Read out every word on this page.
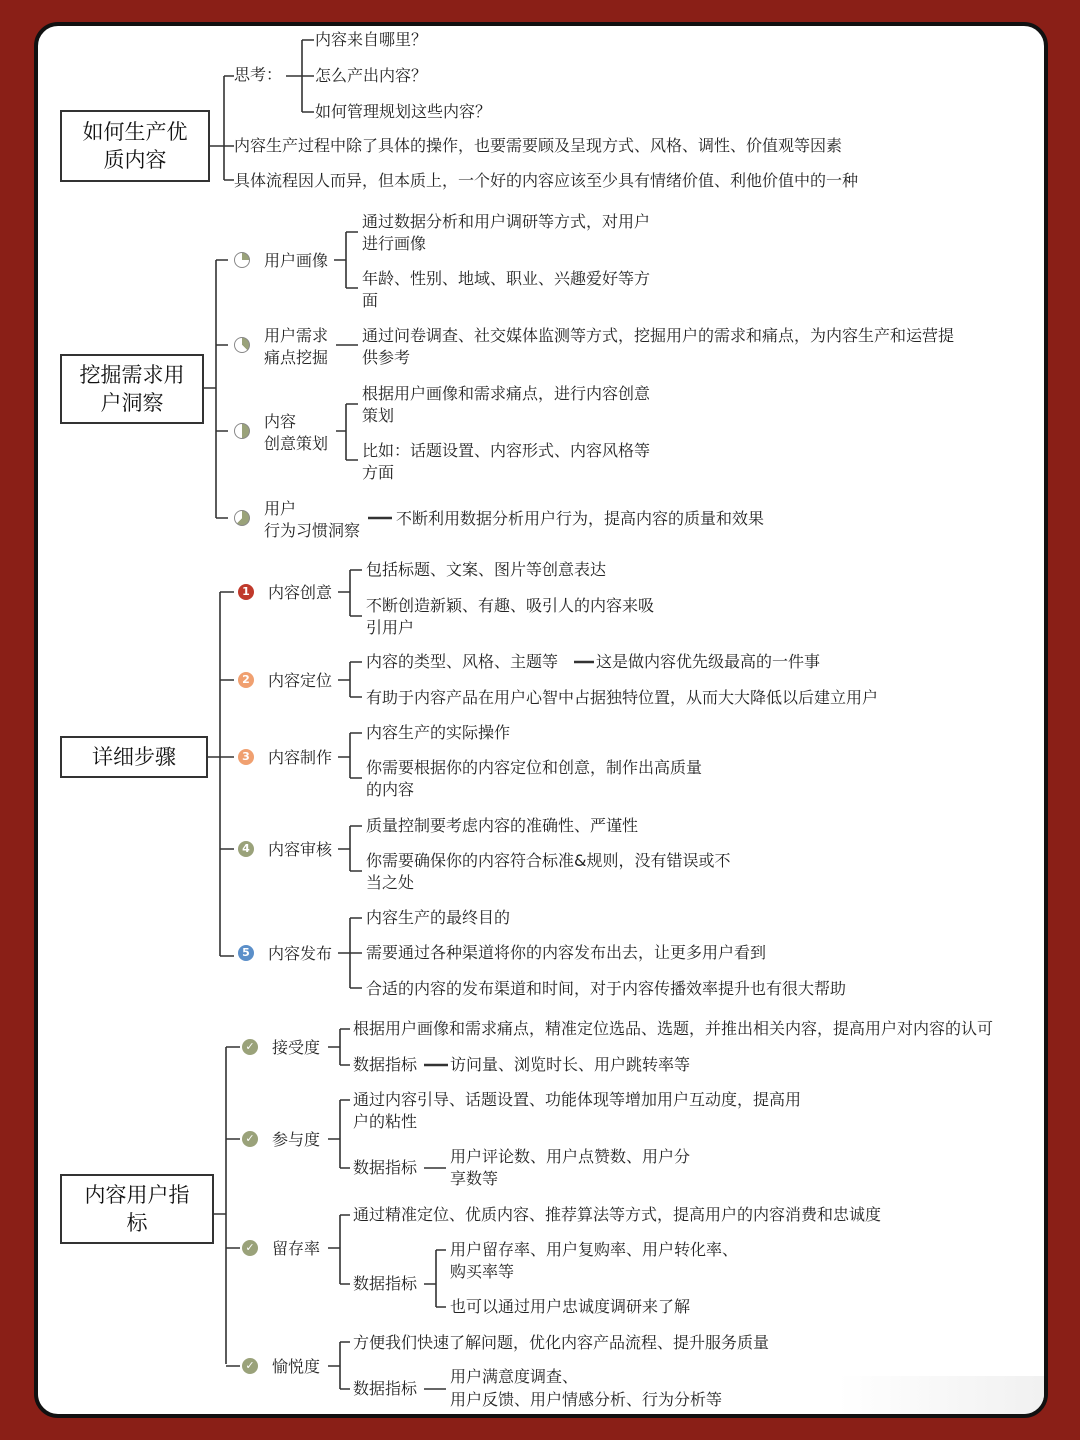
如何生产优
质内容
思考：
内容来自哪里？
怎么产出内容？
如何管理规划这些内容？
内容生产过程中除了具体的操作，也要需要顾及呈现方式、风格、调性、价值观等因素
具体流程因人而异，但本质上，一个好的内容应该至少具有情绪价值、利他价值中的一种
挖掘需求用
户洞察
用户画像
通过数据分析和用户调研等方式，对用户
进行画像
年龄、性别、地域、职业、兴趣爱好等方
面
用户需求
痛点挖掘
通过问卷调查、社交媒体监测等方式，挖掘用户的需求和痛点，为内容生产和运营提
供参考
内容
创意策划
根据用户画像和需求痛点，进行内容创意
策划
比如：话题设置、内容形式、内容风格等
方面
用户
行为习惯洞察
不断利用数据分析用户行为，提高内容的质量和效果
详细步骤
1 内容创意
包括标题、文案、图片等创意表达
不断创造新颖、有趣、吸引人的内容来吸
引用户
2 内容定位
内容的类型、风格、主题等 这是做内容优先级最高的一件事
有助于内容产品在用户心智中占据独特位置，从而大大降低以后建立用户
3 内容制作
内容生产的实际操作
你需要根据你的内容定位和创意，制作出高质量
的内容
4 内容审核
质量控制要考虑内容的准确性、严谨性
你需要确保你的内容符合标准&规则，没有错误或不
当之处
5 内容发布
内容生产的最终目的
需要通过各种渠道将你的内容发布出去，让更多用户看到
合适的内容的发布渠道和时间，对于内容传播效率提升也有很大帮助
内容用户指
标
✓ 接受度
根据用户画像和需求痛点，精准定位选品、选题，并推出相关内容，提高用户对内容的认可
数据指标 访问量、浏览时长、用户跳转率等
✓ 参与度
通过内容引导、话题设置、功能体现等增加用户互动度，提高用
户的粘性
数据指标
用户评论数、用户点赞数、用户分
享数等
✓ 留存率
通过精准定位、优质内容、推荐算法等方式，提高用户的内容消费和忠诚度
数据指标
用户留存率、用户复购率、用户转化率、
购买率等
也可以通过用户忠诚度调研来了解
✓ 愉悦度
方便我们快速了解问题，优化内容产品流程、提升服务质量
数据指标
用户满意度调查、
用户反馈、用户情感分析、行为分析等
